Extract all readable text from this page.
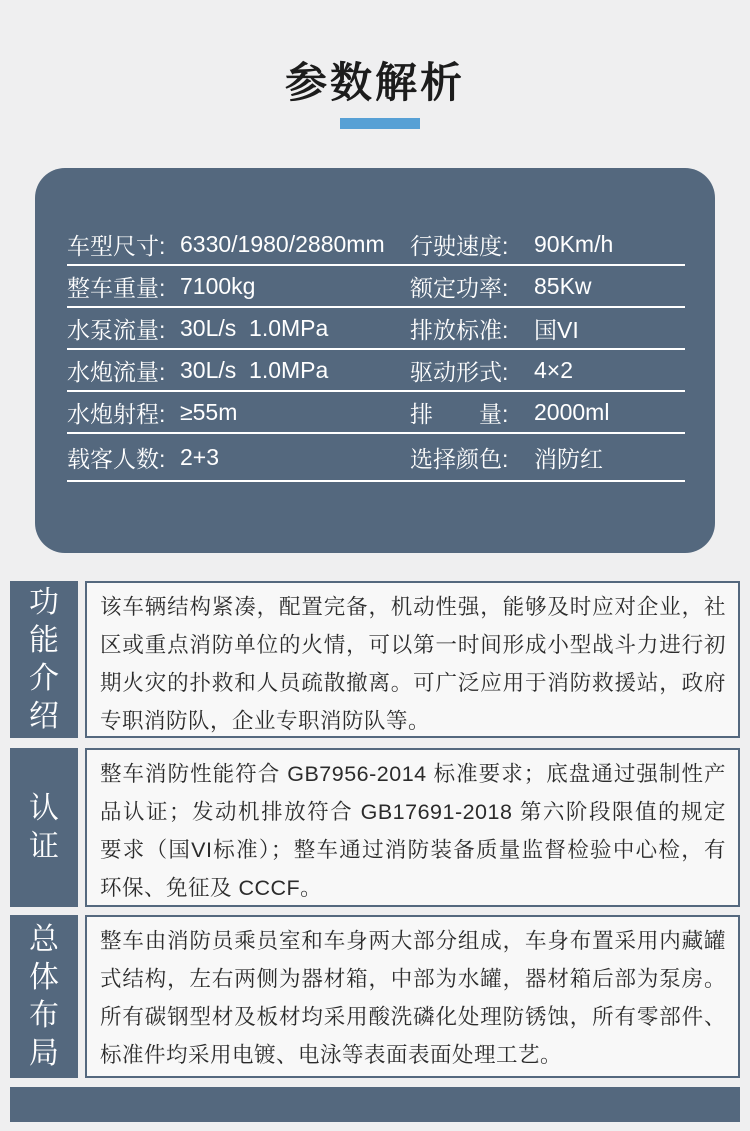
参数解析
车型尺寸: 6330/1980/2880mm	行驶速度:	90Km/h
整车重量: 7100kg	额定功率:	85Kw
水泵流量: 30L/s  1.0MPa	排放标准:	国VI
水炮流量: 30L/s  1.0MPa	驱动形式:	4×2
水炮射程: ≥55m	排　　量:	2000ml
载客人数: 2+3	选择颜色:	消防红
功能介绍
该车辆结构紧凑，配置完备，机动性强，能够及时应对企业，社区或重点消防单位的火情，可以第一时间形成小型战斗力进行初期火灾的扑救和人员疏散撤离。可广泛应用于消防救援站，政府专职消防队，企业专职消防队等。
认证
整车消防性能符合 GB7956-2014 标准要求；底盘通过强制性产品认证；发动机排放符合 GB17691-2018 第六阶段限值的规定要求（国VI标准）；整车通过消防装备质量监督检验中心检，有环保、免征及 CCCF。
总体布局
整车由消防员乘员室和车身两大部分组成，车身布置采用内藏罐式结构，左右两侧为器材箱，中部为水罐，器材箱后部为泵房。所有碳钢型材及板材均采用酸洗磷化处理防锈蚀，所有零部件、标准件均采用电镀、电泳等表面表面处理工艺。
